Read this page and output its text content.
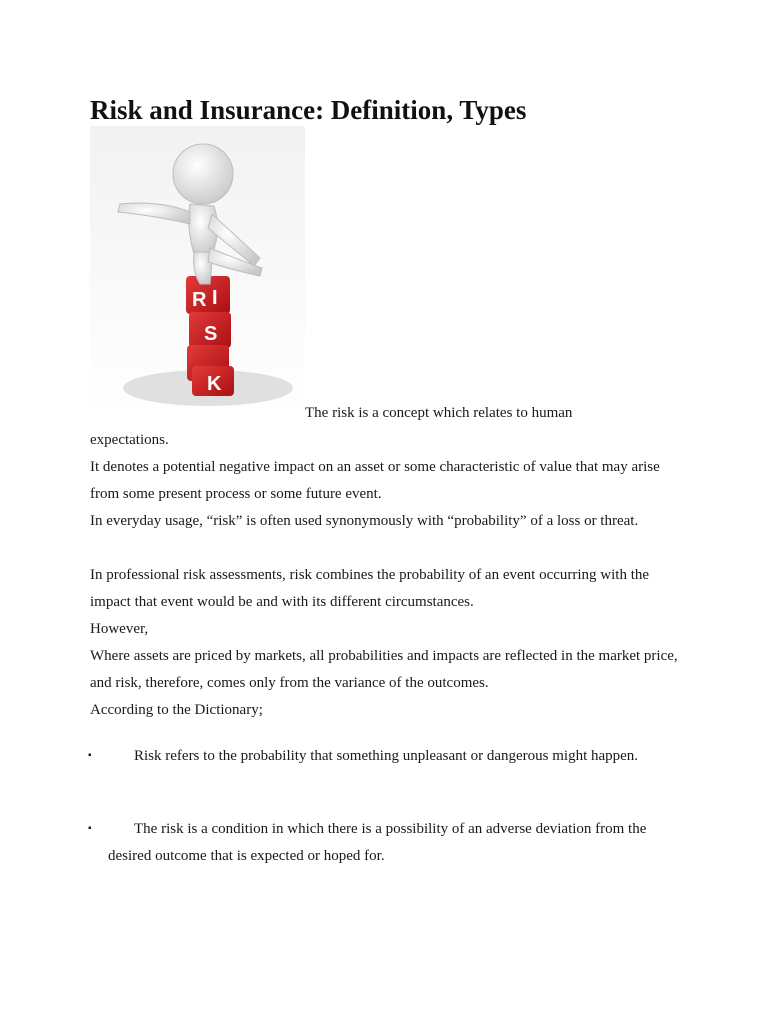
Risk and Insurance: Definition, Types
R I
S
K
The risk is a concept which relates to human
expectations.
It denotes a potential negative impact on an asset or some characteristic of value that may arise from some present process or some future event.
In everyday usage, “risk” is often used synonymously with “probability” of a loss or threat.
In professional risk assessments, risk combines the probability of an event occurring with the impact that event would be and with its different circumstances.
However,
Where assets are priced by markets, all probabilities and impacts are reflected in the market price, and risk, therefore, comes only from the variance of the outcomes.
According to the Dictionary;
▪	Risk refers to the probability that something unpleasant or dangerous might happen.
▪	The risk is a condition in which there is a possibility of an adverse deviation from the desired outcome that is expected or hoped for.
